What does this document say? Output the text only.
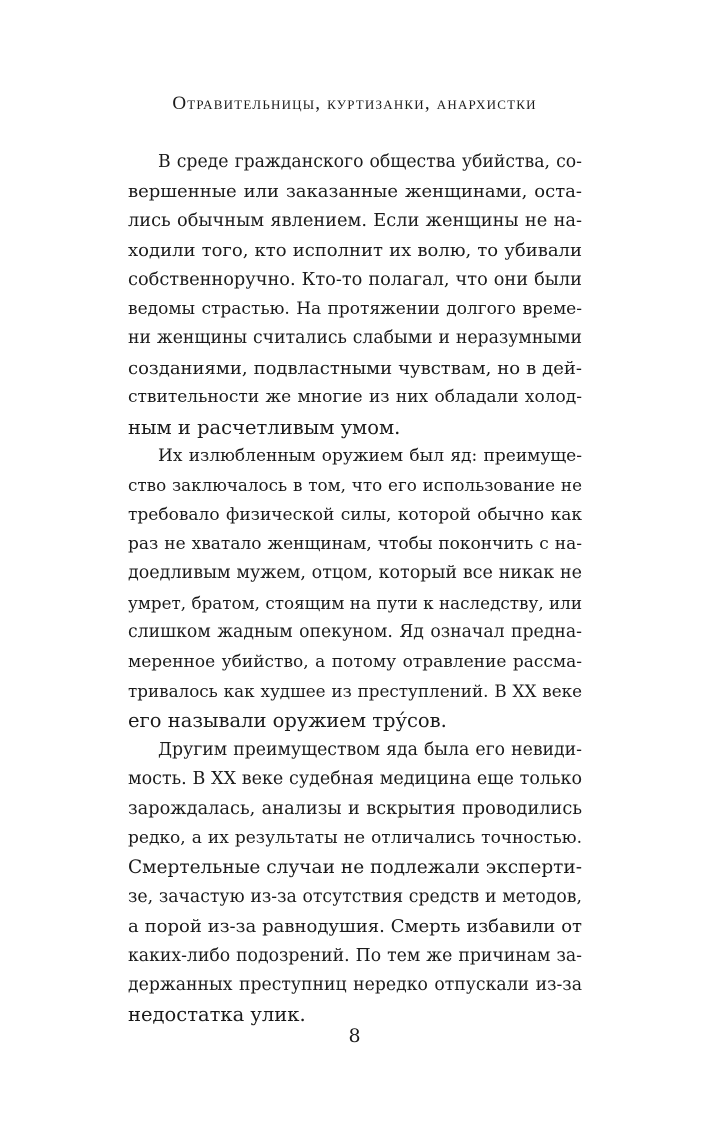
Отравительницы, куртизанки, анархистки

В среде гражданского общества убийства, со-
вершенные или заказанные женщинами, оста-
лись обычным явлением. Если женщины не на-
ходили того, кто исполнит их волю, то убивали
собственноручно. Кто-то полагал, что они были
ведомы страстью. На протяжении долгого време-
ни женщины считались слабыми и неразумными
созданиями, подвластными чувствам, но в дей-
ствительности же многие из них обладали холод-
ным и расчетливым умом.

Их излюбленным оружием был яд: преимуще-
ство заключалось в том, что его использование не
требовало физической силы, которой обычно как
раз не хватало женщинам, чтобы покончить с на-
доедливым мужем, отцом, который все никак не
умрет, братом, стоящим на пути к наследству, или
слишком жадным опекуном. Яд означал предна-
меренное убийство, а потому отравление рассма-
тривалось как худшее из преступлений. В XX веке
его называли оружием тру́сов.

Другим преимуществом яда была его невиди-
мость. В XX веке судебная медицина еще только
зарождалась, анализы и вскрытия проводились
редко, а их результаты не отличались точностью.
Смертельные случаи не подлежали эксперти-
зе, зачастую из-за отсутствия средств и методов,
а порой из-за равнодушия. Смерть избавили от
каких-либо подозрений. По тем же причинам за-
держанных преступниц нередко отпускали из-за
недостатка улик.

8
